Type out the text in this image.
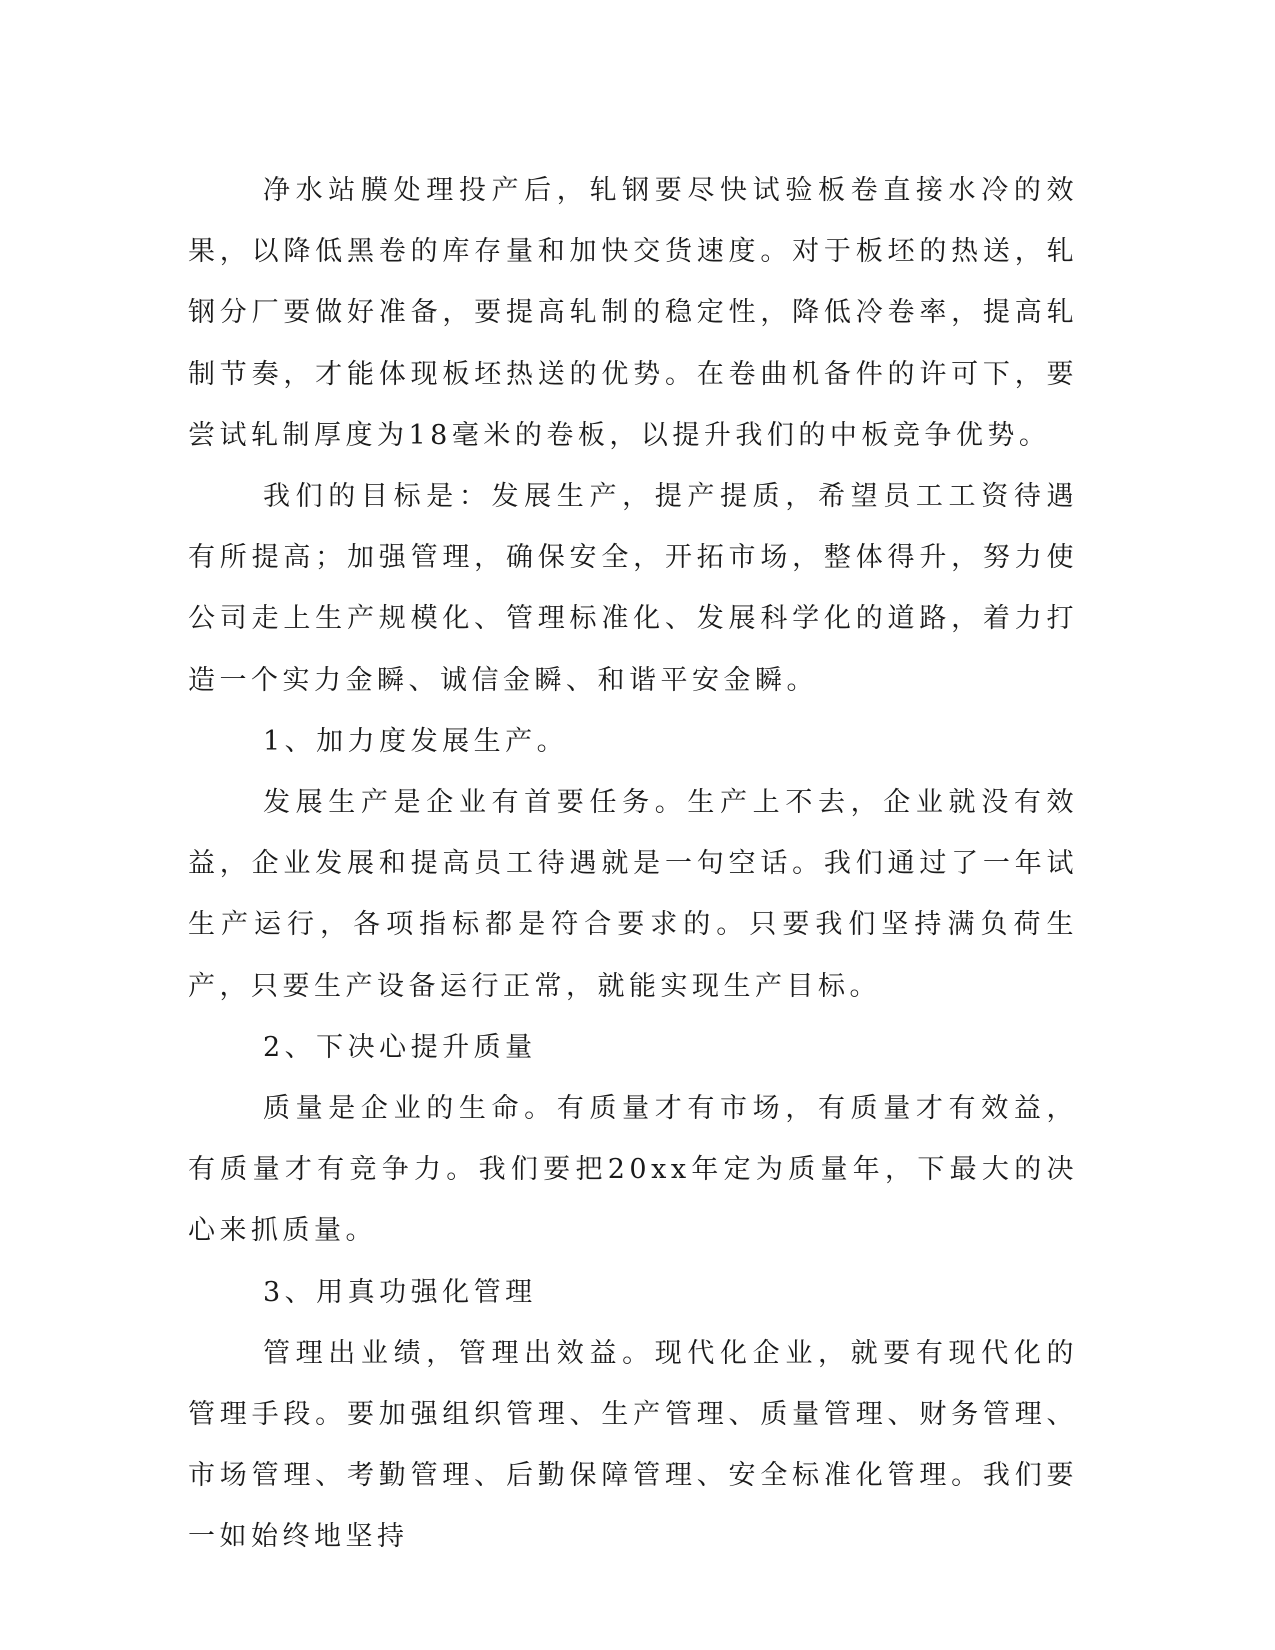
净水站膜处理投产后，轧钢要尽快试验板卷直接水冷的效果，以降低黑卷的库存量和加快交货速度。对于板坯的热送，轧钢分厂要做好准备，要提高轧制的稳定性，降低冷卷率，提高轧制节奏，才能体现板坯热送的优势。在卷曲机备件的许可下，要尝试轧制厚度为18毫米的卷板，以提升我们的中板竞争优势。

我们的目标是：发展生产，提产提质，希望员工工资待遇有所提高；加强管理，确保安全，开拓市场，整体得升，努力使公司走上生产规模化、管理标准化、发展科学化的道路，着力打造一个实力金瞬、诚信金瞬、和谐平安金瞬。

1、加力度发展生产。

发展生产是企业有首要任务。生产上不去，企业就没有效益，企业发展和提高员工待遇就是一句空话。我们通过了一年试生产运行，各项指标都是符合要求的。只要我们坚持满负荷生产，只要生产设备运行正常，就能实现生产目标。

2、下决心提升质量

质量是企业的生命。有质量才有市场，有质量才有效益，有质量才有竞争力。我们要把20xx年定为质量年，下最大的决心来抓质量。

3、用真功强化管理

管理出业绩，管理出效益。现代化企业，就要有现代化的管理手段。要加强组织管理、生产管理、质量管理、财务管理、市场管理、考勤管理、后勤保障管理、安全标准化管理。我们要一如始终地坚持
